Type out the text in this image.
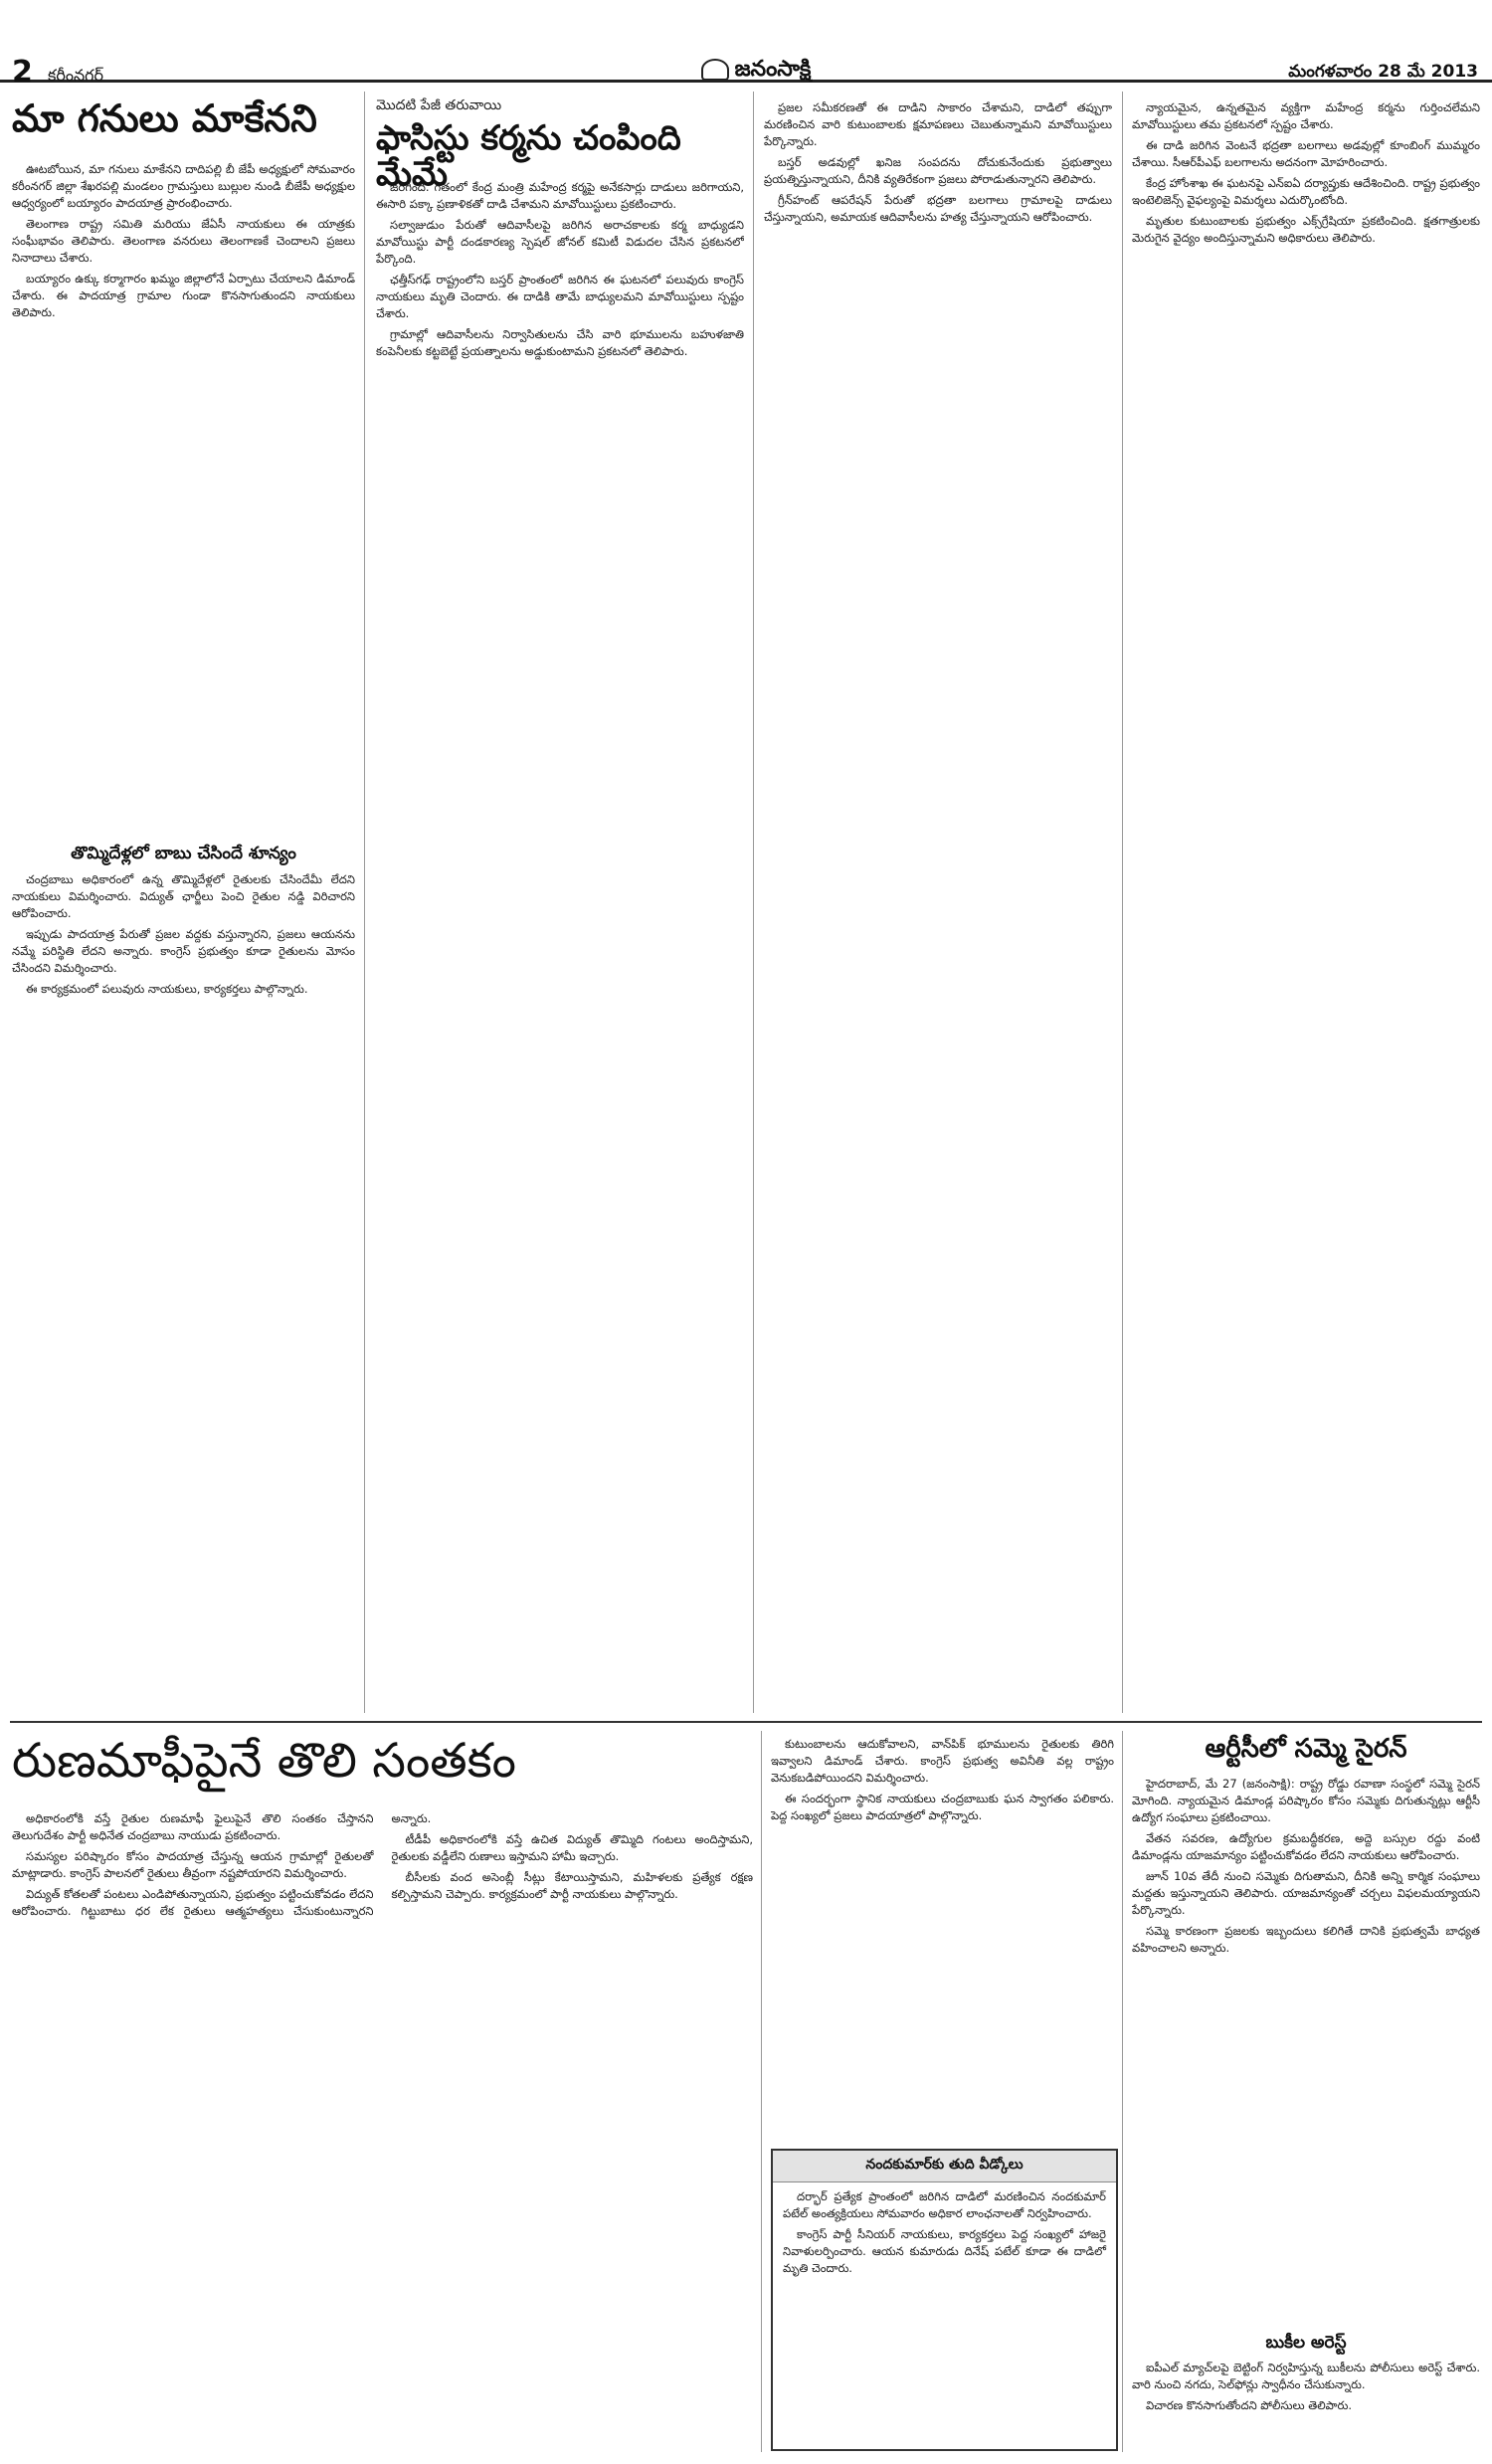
2 కరీంనగర్	జనంసాక్షి	మంగళవారం 28 మే 2013
మా గనులు మాకేనని

ఊటబోయిన, మా గనులు మాకేనని దాదిపల్లి బీ జేపీ అధ్యక్షులో సోమవారం కరీంనగర్ జిల్లా శేఖరపల్లి మండలం గ్రామస్తులు బుల్లుల నుండి బీజేపీ అధ్యక్షుల ఆధ్వర్యంలో బయ్యారం పాదయాత్ర ప్రారంభించారు.

తెలంగాణ రాష్ట్ర సమితి మరియు జేఏసీ నాయకులు ఈ యాత్రకు సంఘీభావం తెలిపారు. తెలంగాణ వనరులు తెలంగాణకే చెందాలని ప్రజలు నినాదాలు చేశారు.

బయ్యారం ఉక్కు కర్మాగారం ఖమ్మం జిల్లాలోనే ఏర్పాటు చేయాలని డిమాండ్ చేశారు. ఈ పాదయాత్ర గ్రామాల గుండా కొనసాగుతుందని నాయకులు తెలిపారు.

తొమ్మిదేళ్లలో బాబు చేసిందే శూన్యం

చంద్రబాబు అధికారంలో ఉన్న తొమ్మిదేళ్లలో రైతులకు చేసిందేమీ లేదని నాయకులు విమర్శించారు. విద్యుత్ ఛార్జీలు పెంచి రైతుల నడ్డి విరిచారని ఆరోపించారు.

ఇప్పుడు పాదయాత్ర పేరుతో ప్రజల వద్దకు వస్తున్నారని, ప్రజలు ఆయనను నమ్మే పరిస్థితి లేదని అన్నారు. కాంగ్రెస్ ప్రభుత్వం కూడా రైతులను మోసం చేసిందని విమర్శించారు.

ఈ కార్యక్రమంలో పలువురు నాయకులు, కార్యకర్తలు పాల్గొన్నారు.

మొదటి పేజీ తరువాయి
ఫాసిస్టు కర్మను చంపింది మేమే

జరిగింది. గతంలో కేంద్ర మంత్రి మహేంద్ర కర్మపై అనేకసార్లు దాడులు జరిగాయని, ఈసారి పక్కా ప్రణాళికతో దాడి చేశామని మావోయిస్టులు ప్రకటించారు.

సల్వాజుడుం పేరుతో ఆదివాసీలపై జరిగిన అరాచకాలకు కర్మ బాధ్యుడని మావోయిస్టు పార్టీ దండకారణ్య స్పెషల్ జోనల్ కమిటీ విడుదల చేసిన ప్రకటనలో పేర్కొంది.

ఛత్తీస్‌గఢ్ రాష్ట్రంలోని బస్తర్ ప్రాంతంలో జరిగిన ఈ ఘటనలో పలువురు కాంగ్రెస్ నాయకులు మృతి చెందారు. ఈ దాడికి తామే బాధ్యులమని మావోయిస్టులు స్పష్టం చేశారు.

గ్రామాల్లో ఆదివాసీలను నిర్వాసితులను చేసి వారి భూములను బహుళజాతి కంపెనీలకు కట్టబెట్టే ప్రయత్నాలను అడ్డుకుంటామని ప్రకటనలో తెలిపారు.

ప్రజల సమీకరణతో ఈ దాడిని సాకారం చేశామని, దాడిలో తప్పుగా మరణించిన వారి కుటుంబాలకు క్షమాపణలు చెబుతున్నామని మావోయిస్టులు పేర్కొన్నారు.

బస్తర్ అడవుల్లో ఖనిజ సంపదను దోచుకునేందుకు ప్రభుత్వాలు ప్రయత్నిస్తున్నాయని, దీనికి వ్యతిరేకంగా ప్రజలు పోరాడుతున్నారని తెలిపారు.

గ్రీన్‌హంట్ ఆపరేషన్ పేరుతో భద్రతా బలగాలు గ్రామాలపై దాడులు చేస్తున్నాయని, అమాయక ఆదివాసీలను హత్య చేస్తున్నాయని ఆరోపించారు.

న్యాయమైన, ఉన్నతమైన వ్యక్తిగా మహేంద్ర కర్మను గుర్తించలేమని మావోయిస్టులు తమ ప్రకటనలో స్పష్టం చేశారు.

ఈ దాడి జరిగిన వెంటనే భద్రతా బలగాలు అడవుల్లో కూంబింగ్ ముమ్మరం చేశాయి. సీఆర్‌పీఎఫ్ బలగాలను అదనంగా మోహరించారు.

కేంద్ర హోంశాఖ ఈ ఘటనపై ఎన్‌ఐఏ దర్యాప్తుకు ఆదేశించింది. రాష్ట్ర ప్రభుత్వం ఇంటెలిజెన్స్ వైఫల్యంపై విమర్శలు ఎదుర్కొంటోంది.

మృతుల కుటుంబాలకు ప్రభుత్వం ఎక్స్‌గ్రేషియా ప్రకటించింది. క్షతగాత్రులకు మెరుగైన వైద్యం అందిస్తున్నామని అధికారులు తెలిపారు.

రుణమాఫీపైనే తొలి సంతకం

అధికారంలోకి వస్తే రైతుల రుణమాఫీ ఫైలుపైనే తొలి సంతకం చేస్తానని తెలుగుదేశం పార్టీ అధినేత చంద్రబాబు నాయుడు ప్రకటించారు.

సమస్యల పరిష్కారం కోసం పాదయాత్ర చేస్తున్న ఆయన గ్రామాల్లో రైతులతో మాట్లాడారు. కాంగ్రెస్ పాలనలో రైతులు తీవ్రంగా నష్టపోయారని విమర్శించారు.

విద్యుత్ కోతలతో పంటలు ఎండిపోతున్నాయని, ప్రభుత్వం పట్టించుకోవడం లేదని ఆరోపించారు. గిట్టుబాటు ధర లేక రైతులు ఆత్మహత్యలు చేసుకుంటున్నారని అన్నారు.

టీడీపీ అధికారంలోకి వస్తే ఉచిత విద్యుత్ తొమ్మిది గంటలు అందిస్తామని, రైతులకు వడ్డీలేని రుణాలు ఇస్తామని హామీ ఇచ్చారు.

బీసీలకు వంద అసెంబ్లీ సీట్లు కేటాయిస్తామని, మహిళలకు ప్రత్యేక రక్షణ కల్పిస్తామని చెప్పారు. కార్యక్రమంలో పార్టీ నాయకులు పాల్గొన్నారు.

కుటుంబాలను ఆదుకోవాలని, వాన్‌పిక్ భూములను రైతులకు తిరిగి ఇవ్వాలని డిమాండ్ చేశారు. కాంగ్రెస్ ప్రభుత్వ అవినీతి వల్ల రాష్ట్రం వెనుకబడిపోయిందని విమర్శించారు.

ఈ సందర్భంగా స్థానిక నాయకులు చంద్రబాబుకు ఘన స్వాగతం పలికారు. పెద్ద సంఖ్యలో ప్రజలు పాదయాత్రలో పాల్గొన్నారు.

నందకుమార్‌కు తుది వీడ్కోలు

దర్భార్ ప్రత్యేక ప్రాంతంలో జరిగిన దాడిలో మరణించిన నందకుమార్ పటేల్ అంత్యక్రియలు సోమవారం అధికార లాంఛనాలతో నిర్వహించారు.

కాంగ్రెస్ పార్టీ సీనియర్ నాయకులు, కార్యకర్తలు పెద్ద సంఖ్యలో హాజరై నివాళులర్పించారు. ఆయన కుమారుడు దినేష్ పటేల్ కూడా ఈ దాడిలో మృతి చెందారు.

ఆర్టీసీలో సమ్మె సైరన్

హైదరాబాద్, మే 27 (జనంసాక్షి): రాష్ట్ర రోడ్డు రవాణా సంస్థలో సమ్మె సైరన్ మోగింది. న్యాయమైన డిమాండ్ల పరిష్కారం కోసం సమ్మెకు దిగుతున్నట్లు ఆర్టీసీ ఉద్యోగ సంఘాలు ప్రకటించాయి.

వేతన సవరణ, ఉద్యోగుల క్రమబద్ధీకరణ, అద్దె బస్సుల రద్దు వంటి డిమాండ్లను యాజమాన్యం పట్టించుకోవడం లేదని నాయకులు ఆరోపించారు.

జూన్ 10వ తేదీ నుంచి సమ్మెకు దిగుతామని, దీనికి అన్ని కార్మిక సంఘాలు మద్దతు ఇస్తున్నాయని తెలిపారు. యాజమాన్యంతో చర్చలు విఫలమయ్యాయని పేర్కొన్నారు.

సమ్మె కారణంగా ప్రజలకు ఇబ్బందులు కలిగితే దానికి ప్రభుత్వమే బాధ్యత వహించాలని అన్నారు.

బుకీల అరెస్ట్

ఐపీఎల్ మ్యాచ్‌లపై బెట్టింగ్ నిర్వహిస్తున్న బుకీలను పోలీసులు అరెస్ట్ చేశారు. వారి నుంచి నగదు, సెల్‌ఫోన్లు స్వాధీనం చేసుకున్నారు.

విచారణ కొనసాగుతోందని పోలీసులు తెలిపారు.
